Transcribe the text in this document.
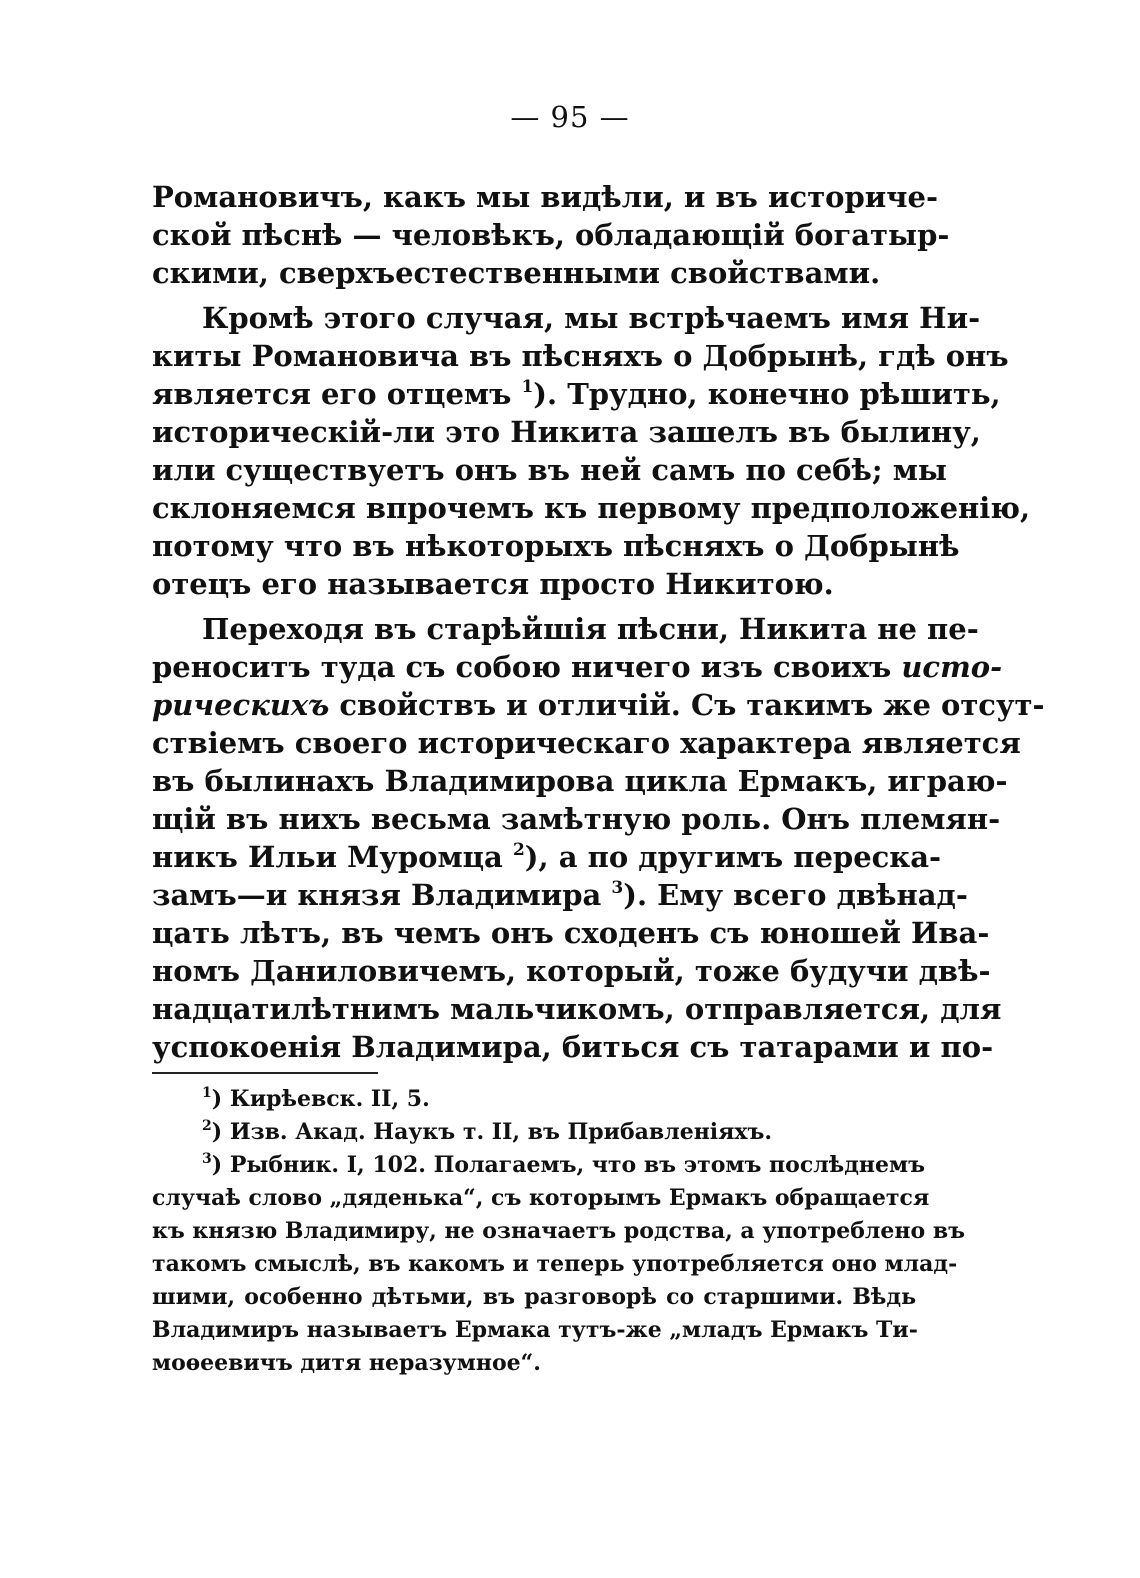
— 95 —
Романовичъ, какъ мы видѣли, и въ историче-
ской пѣснѣ — человѣкъ, обладающій богатыр-
скими, сверхъестественными свойствами.
Кромѣ этого случая, мы встрѣчаемъ имя Ни-
киты Романовича въ пѣсняхъ о Добрынѣ, гдѣ онъ
является его отцемъ $^1$). Трудно, конечно рѣшить,
историческій-ли это Никита зашелъ въ былину,
или существуетъ онъ въ ней самъ по себѣ; мы
склоняемся впрочемъ къ первому предположенію,
потому что въ нѣкоторыхъ пѣсняхъ о Добрынѣ
отецъ его называется просто Никитою.
Переходя въ старѣйшія пѣсни, Никита не пе-
реноситъ туда съ собою ничего изъ своихъ исто-
рическихъ свойствъ и отличій. Съ такимъ же отсут-
ствіемъ своего историческаго характера является
въ былинахъ Владимирова цикла Ермакъ, играю-
щій въ нихъ весьма замѣтную роль. Онъ племян-
никъ Ильи Муромца $^2$), а по другимъ переска-
замъ—и князя Владимира $^3$). Ему всего двѣнад-
цать лѣтъ, въ чемъ онъ сходенъ съ юношей Ива-
номъ Даниловичемъ, который, тоже будучи двѣ-
надцатилѣтнимъ мальчикомъ, отправляется, для
успокоенія Владимира, биться съ татарами и по-
$^1$) Кирѣевск. II, 5.
$^2$) Изв. Акад. Наукъ т. II, въ Прибавленіяхъ.
$^3$) Рыбник. I, 102. Полагаемъ, что въ этомъ послѣднемъ
случаѣ слово „дяденька“, съ которымъ Ермакъ обращается
къ князю Владимиру, не означаетъ родства, а употреблено въ
такомъ смыслѣ, въ какомъ и теперь употребляется оно млад-
шими, особенно дѣтьми, въ разговорѣ со старшими. Вѣдь
Владимиръ называетъ Ермака тутъ-же „младъ Ермакъ Ти-
моѳеевичъ дитя неразумное“.
